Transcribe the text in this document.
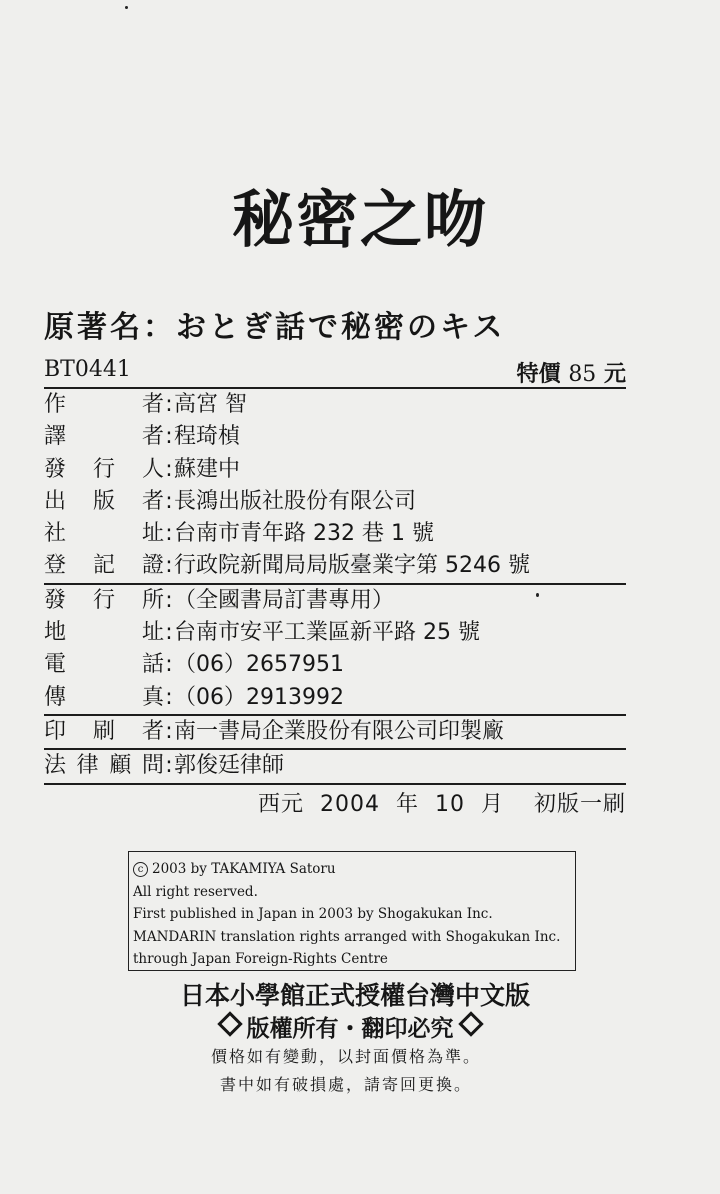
秘密之吻
原著名：おとぎ話で秘密のキス
BT0441	特價 85 元
作者:高宮 智
譯者:程琦楨
發行人:蘇建中
出版者:長鴻出版社股份有限公司
社址:台南市青年路 232 巷 1 號
登記證:行政院新聞局局版臺業字第 5246 號
發行所:（全國書局訂書專用）
地址:台南市安平工業區新平路 25 號
電話:（06）2657951
傳真:（06）2913992
印刷者:南一書局企業股份有限公司印製廠
法律顧問:郭俊廷律師
西元 2004 年 10 月 初版一刷
c 2003 by TAKAMIYA Satoru
All right reserved.
First published in Japan in 2003 by Shogakukan Inc.
MANDARIN translation rights arranged with Shogakukan Inc.
through Japan Foreign-Rights Centre
日本小學館正式授權台灣中文版
版權所有・翻印必究
價格如有變動，以封面價格為準。
書中如有破損處，請寄回更換。
